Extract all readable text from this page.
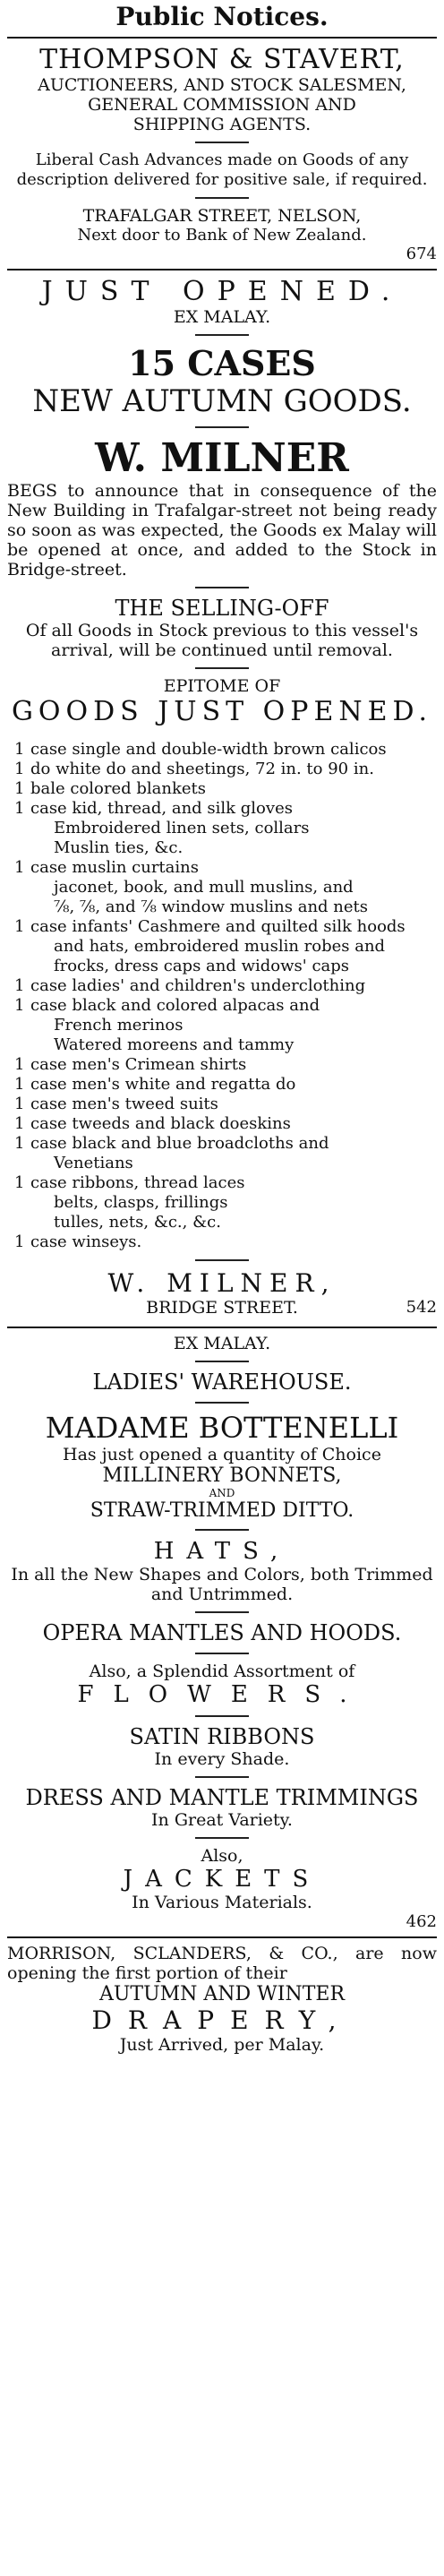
Public Notices.
THOMPSON & STAVERT,
AUCTIONEERS, AND STOCK SALESMEN,
GENERAL COMMISSION AND
SHIPPING AGENTS.
Liberal Cash Advances made on Goods of any description delivered for positive sale, if required.
TRAFALGAR STREET, NELSON,
Next door to Bank of New Zealand.
674
JUST OPENED.
EX MALAY.
15 CASES
NEW AUTUMN GOODS.
W. MILNER
BEGS to announce that in consequence of the New Building in Trafalgar-street not being ready so soon as was expected, the Goods ex Malay will be opened at once, and added to the Stock in Bridge-street.
THE SELLING-OFF
Of all Goods in Stock previous to this vessel's arrival, will be continued until removal.
EPITOME OF
GOODS JUST OPENED.
1 case single and double-width brown calicos
1 do white do and sheetings, 72 in. to 90 in.
1 bale colored blankets
1 case kid, thread, and silk gloves
Embroidered linen sets, collars
Muslin ties, &c.
1 case muslin curtains
jaconet, book, and mull muslins, and
⅞, ⅞, and ⅞ window muslins and nets
1 case infants' Cashmere and quilted silk hoods
and hats, embroidered muslin robes and
frocks, dress caps and widows' caps
1 case ladies' and children's underclothing
1 case black and colored alpacas and
French merinos
Watered moreens and tammy
1 case men's Crimean shirts
1 case men's white and regatta do
1 case men's tweed suits
1 case tweeds and black doeskins
1 case black and blue broadcloths and
Venetians
1 case ribbons, thread laces
belts, clasps, frillings
tulles, nets, &c., &c.
1 case winseys.
W. MILNER,
BRIDGE STREET.	542
EX MALAY.
LADIES' WAREHOUSE.
MADAME BOTTENELLI
Has just opened a quantity of Choice
MILLINERY BONNETS,
AND
STRAW-TRIMMED DITTO.
HATS,
In all the New Shapes and Colors, both Trimmed and Untrimmed.
OPERA MANTLES AND HOODS.
Also, a Splendid Assortment of
FLOWERS.
SATIN RIBBONS
In every Shade.
DRESS AND MANTLE TRIMMINGS
In Great Variety.
Also,
JACKETS
In Various Materials.
462
MORRISON, SCLANDERS, & CO., are now opening the first portion of their
AUTUMN AND WINTER
DRAPERY,
Just Arrived, per Malay.
